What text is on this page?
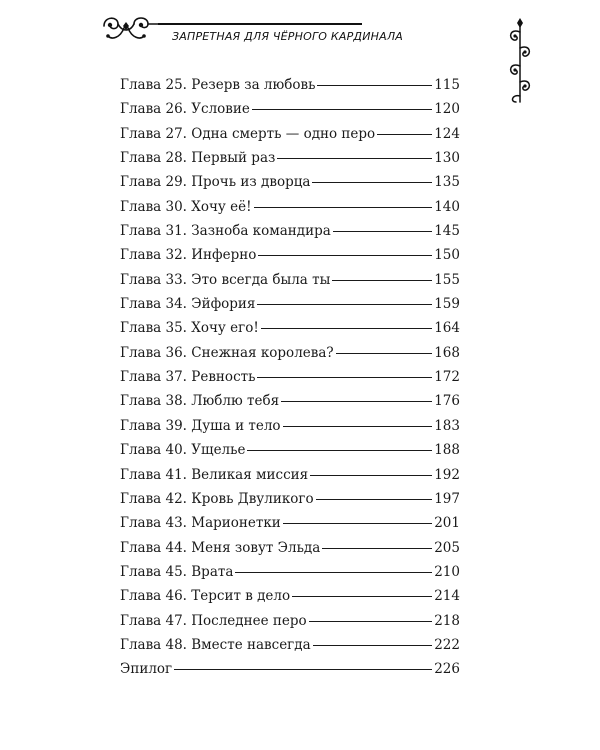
ЗАПРЕТНАЯ ДЛЯ ЧЁРНОГО КАРДИНАЛА
Глава 25. Резерв за любовь	115
Глава 26. Условие	120
Глава 27. Одна смерть — одно перо	124
Глава 28. Первый раз	130
Глава 29. Прочь из дворца	135
Глава 30. Хочу её!	140
Глава 31. Зазноба командира	145
Глава 32. Инферно	150
Глава 33. Это всегда была ты	155
Глава 34. Эйфория	159
Глава 35. Хочу его!	164
Глава 36. Снежная королева?	168
Глава 37. Ревность	172
Глава 38. Люблю тебя	176
Глава 39. Душа и тело	183
Глава 40. Ущелье	188
Глава 41. Великая миссия	192
Глава 42. Кровь Двуликого	197
Глава 43. Марионетки	201
Глава 44. Меня зовут Эльда	205
Глава 45. Врата	210
Глава 46. Терсит в дело	214
Глава 47. Последнее перо	218
Глава 48. Вместе навсегда	222
Эпилог	226
